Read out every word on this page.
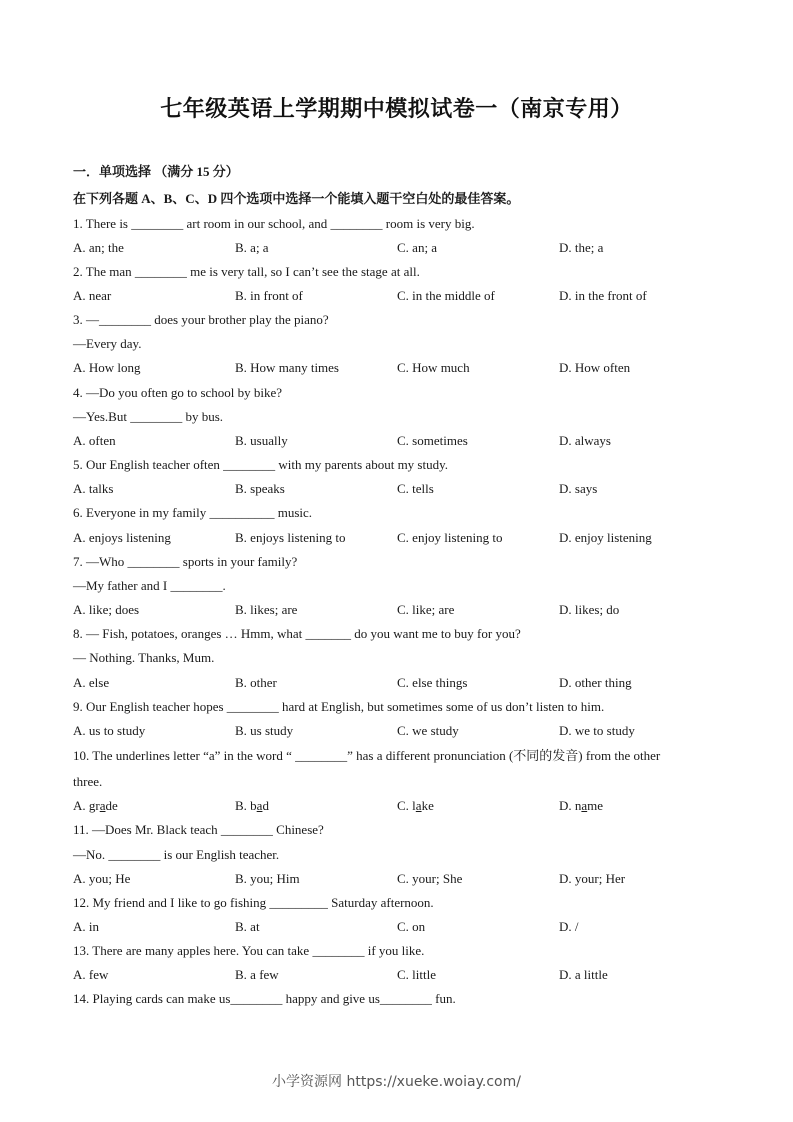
七年级英语上学期期中模拟试卷一（南京专用）
一．单项选择 （满分 15 分）
在下列各题 A、B、C、D 四个选项中选择一个能填入题干空白处的最佳答案。
1. There is ________ art room in our school, and ________ room is very big.
A. an; the	B. a; a	C. an; a	D. the; a
2. The man ________ me is very tall, so I can’t see the stage at all.
A. near	B. in front of	C. in the middle of	D. in the front of
3. —________ does your brother play the piano?
—Every day.
A. How long	B. How many times	C. How much	D. How often
4. —Do you often go to school by bike?
—Yes.But ________ by bus.
A. often	B. usually	C. sometimes	D. always
5. Our English teacher often ________ with my parents about my study.
A. talks	B. speaks	C. tells	D. says
6. Everyone in my family __________ music.
A. enjoys listening	B. enjoys listening to	C. enjoy listening to	D. enjoy listening
7. —Who ________ sports in your family?
—My father and I ________.
A. like; does	B. likes; are	C. like; are	D. likes; do
8. — Fish, potatoes, oranges … Hmm, what _______ do you want me to buy for you?
— Nothing. Thanks, Mum.
A. else	B. other	C. else things	D. other thing
9. Our English teacher hopes ________ hard at English, but sometimes some of us don’t listen to him.
A. us to study	B. us study	C. we study	D. we to study
10. The underlines letter “a” in the word “ ________” has a different pronunciation (不同的发音) from the other
three.
A. grade	B. bad	C. lake	D. name
11. —Does Mr. Black teach ________ Chinese?
—No. ________ is our English teacher.
A. you; He	B. you; Him	C. your; She	D. your; Her
12. My friend and I like to go fishing _________ Saturday afternoon.
A. in	B. at	C. on	D. /
13. There are many apples here. You can take ________ if you like.
A. few	B. a few	C. little	D. a little
14. Playing cards can make us________ happy and give us________ fun.
小学资源网 https://xueke.woiay.com/
